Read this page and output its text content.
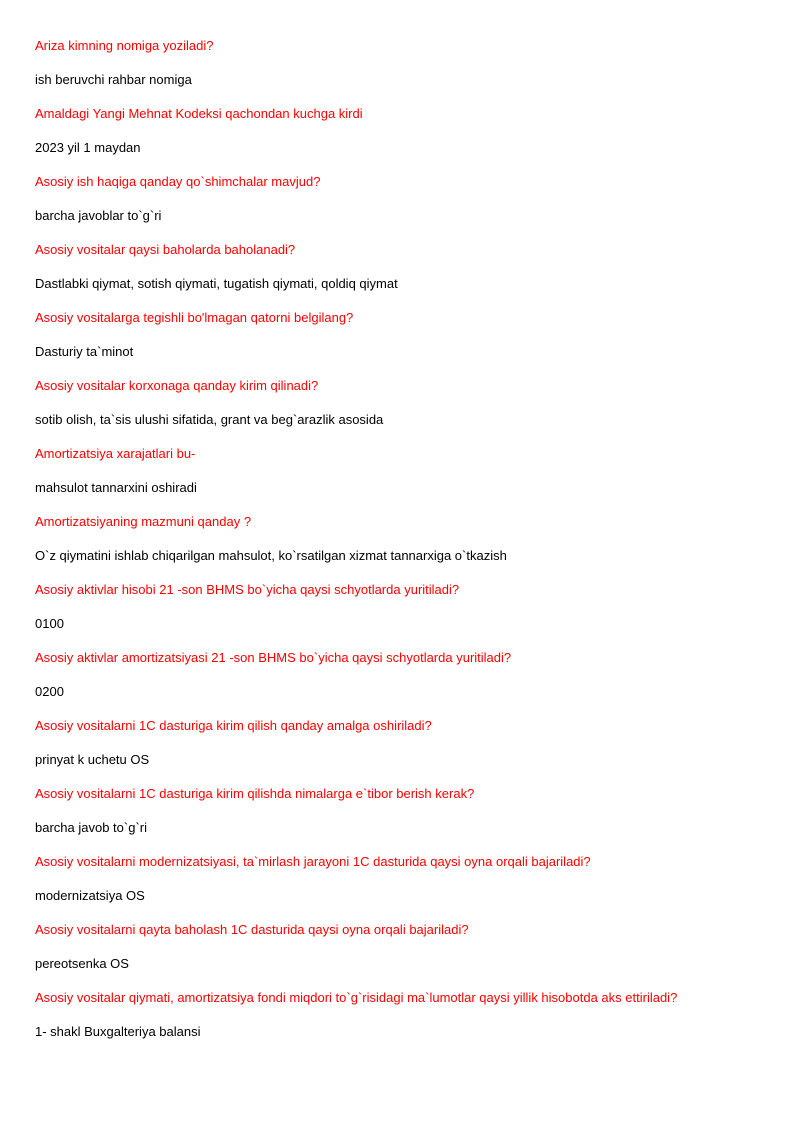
Ariza kimning nomiga yoziladi?
ish beruvchi rahbar nomiga
Amaldagi Yangi Mehnat Kodeksi qachondan kuchga kirdi
2023 yil 1 maydan
Asosiy ish haqiga qanday qo`shimchalar mavjud?
barcha javoblar to`g`ri
Asosiy vositalar qaysi baholarda baholanadi?
Dastlabki qiymat, sotish qiymati, tugatish qiymati, qoldiq qiymat
Asosiy vositalarga tegishli bo'lmagan qatorni belgilang?
Dasturiy ta`minot
Asosiy vositalar korxonaga qanday kirim qilinadi?
sotib olish, ta`sis ulushi sifatida, grant va beg`arazlik asosida
Amortizatsiya xarajatlari bu-
mahsulot tannarxini oshiradi
Amortizatsiyaning mazmuni qanday ?
O`z qiymatini ishlab chiqarilgan mahsulot, ko`rsatilgan xizmat tannarxiga o`tkazish
Asosiy aktivlar hisobi 21 -son BHMS bo`yicha qaysi schyotlarda yuritiladi?
0100
Asosiy aktivlar amortizatsiyasi 21 -son BHMS bo`yicha qaysi schyotlarda yuritiladi?
0200
Asosiy vositalarni 1C dasturiga kirim qilish qanday amalga oshiriladi?
prinyat k uchetu OS
Asosiy vositalarni 1C dasturiga kirim qilishda nimalarga e`tibor berish kerak?
barcha javob to`g`ri
Asosiy vositalarni modernizatsiyasi, ta`mirlash jarayoni 1C dasturida qaysi oyna orqali bajariladi?
modernizatsiya OS
Asosiy vositalarni qayta baholash 1C dasturida qaysi oyna orqali bajariladi?
pereotsenka OS
Asosiy vositalar qiymati, amortizatsiya fondi miqdori to`g`risidagi ma`lumotlar qaysi yillik hisobotda aks ettiriladi?
1- shakl Buxgalteriya balansi
